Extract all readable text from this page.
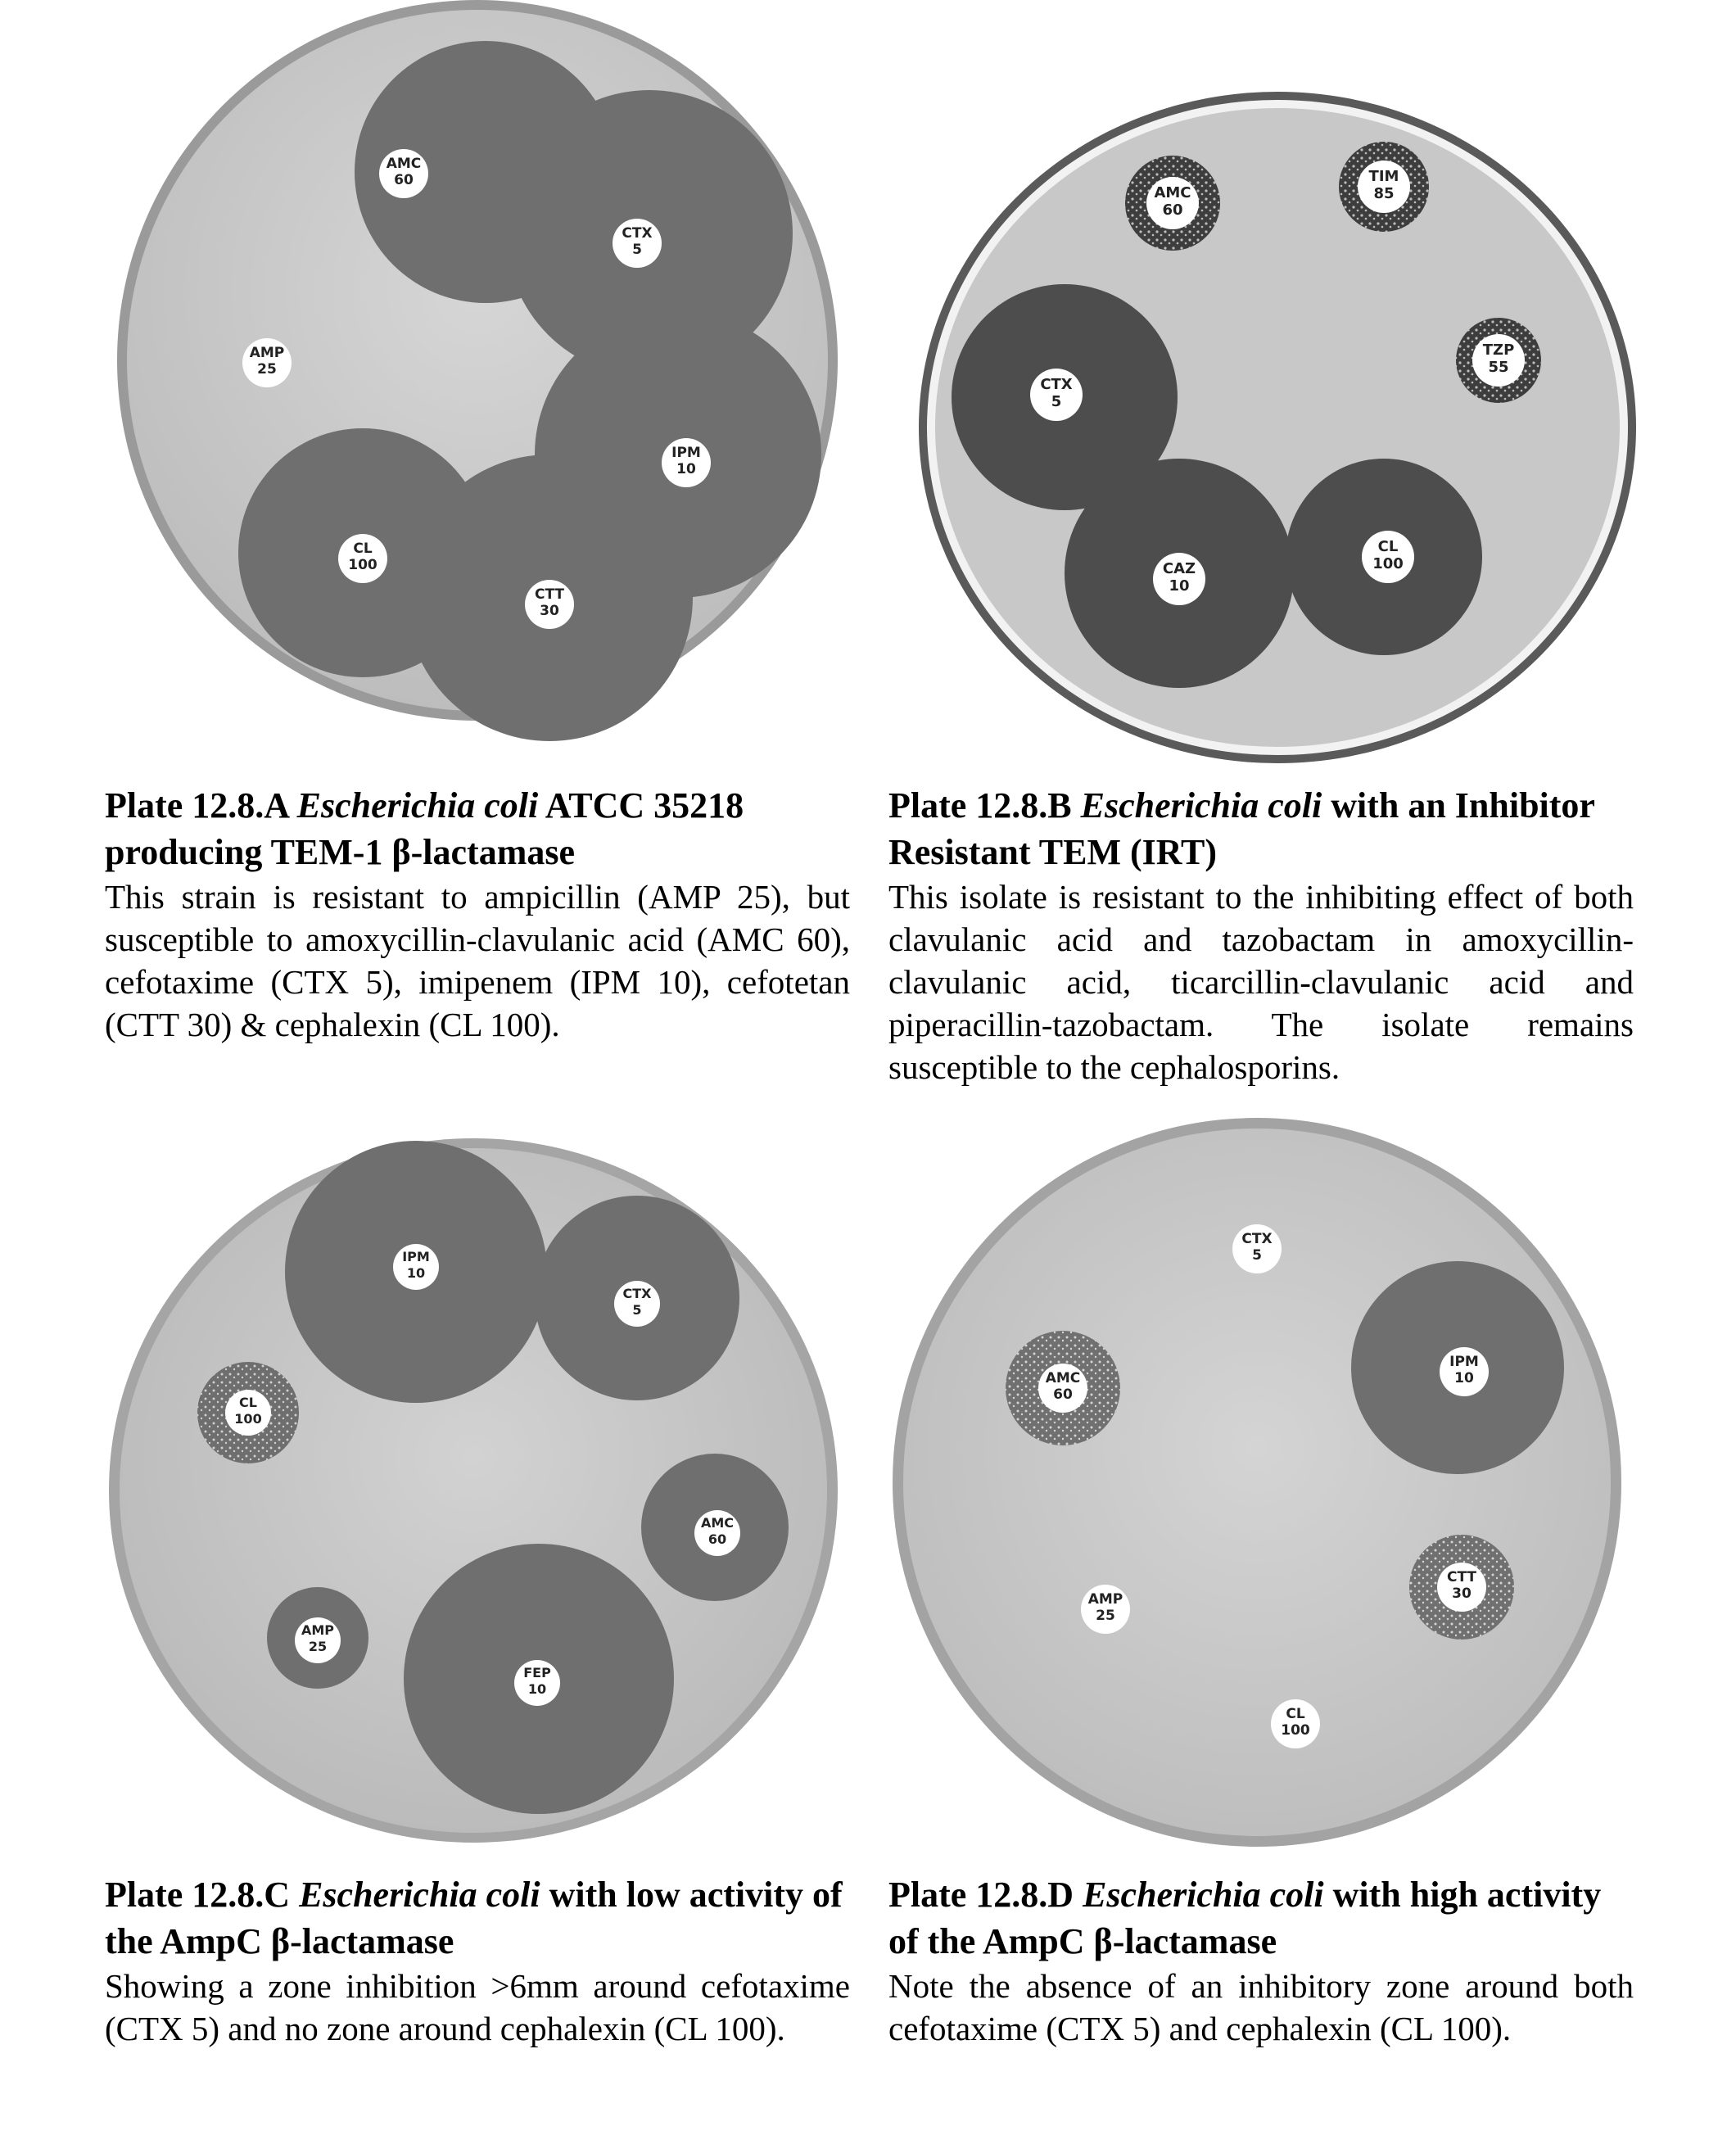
AMC
60
CTX
5
AMP
25
IPM
10
CL
100
CTT
30
AMC
60
TIM
85
CTX
5
TZP
55
CAZ
10
CL
100
Plate 12.8.A Escherichia coli ATCC 35218 producing TEM-1 β-lactamase

This strain is resistant to ampicillin (AMP 25), but susceptible to amoxycillin-clavulanic acid (AMC 60), cefotaxime (CTX 5), imipenem (IPM 10), cefotetan (CTT 30) & cephalexin (CL 100).

Plate 12.8.B Escherichia coli with an Inhibitor Resistant TEM (IRT)

This isolate is resistant to the inhibiting effect of both clavulanic acid and tazobactam in amoxycillin-clavulanic acid, ticarcillin-clavulanic acid and piperacillin-tazobactam. The isolate remains susceptible to the cephalosporins.

IPM
10
CTX
5
CL
100
AMC
60
AMP
25
FEP
10
CTX
5
AMC
60
IPM
10
CTT
30
AMP
25
CL
100
Plate 12.8.C Escherichia coli with low activity of the AmpC β-lactamase

Showing a zone inhibition >6mm around cefotaxime (CTX 5) and no zone around cephalexin (CL 100).

Plate 12.8.D Escherichia coli with high activity of the AmpC β-lactamase

Note the absence of an inhibitory zone around both cefotaxime (CTX 5) and cephalexin (CL 100).
